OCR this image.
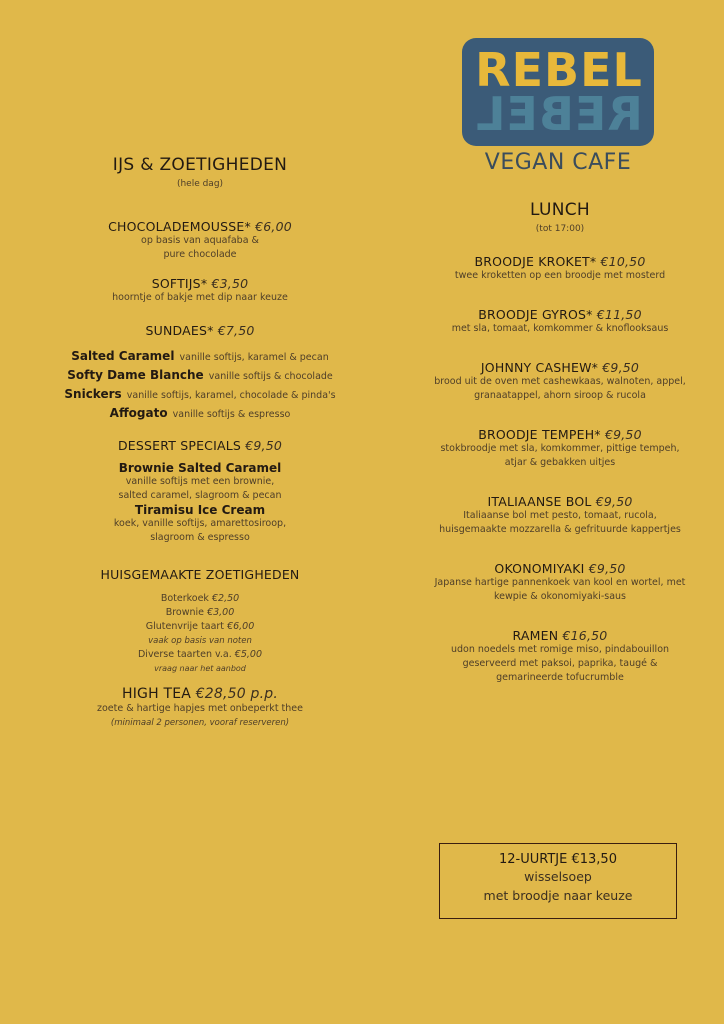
REBEL
REBEL
VEGAN CAFE
IJS & ZOETIGHEDEN
(hele dag)
CHOCOLADEMOUSSE* €6,00
op basis van aquafaba &
pure chocolade
SOFTIJS* €3,50
hoorntje of bakje met dip naar keuze
SUNDAES* €7,50
Salted Caramel vanille softijs, karamel & pecan
Softy Dame Blanche vanille softijs & chocolade
Snickers vanille softijs, karamel, chocolade & pinda's
Affogato vanille softijs & espresso
DESSERT SPECIALS €9,50
Brownie Salted Caramel
vanille softijs met een brownie,
salted caramel, slagroom & pecan
Tiramisu Ice Cream
koek, vanille softijs, amarettosiroop,
slagroom & espresso
HUISGEMAAKTE ZOETIGHEDEN
Boterkoek €2,50
Brownie €3,00
Glutenvrije taart €6,00
vaak op basis van noten
Diverse taarten v.a. €5,00
vraag naar het aanbod
HIGH TEA €28,50 p.p.
zoete & hartige hapjes met onbeperkt thee
(minimaal 2 personen, vooraf reserveren)
LUNCH
(tot 17:00)
BROODJE KROKET* €10,50
twee kroketten op een broodje met mosterd
BROODJE GYROS* €11,50
met sla, tomaat, komkommer & knoflooksaus
JOHNNY CASHEW* €9,50
brood uit de oven met cashewkaas, walnoten, appel,
granaatappel, ahorn siroop & rucola
BROODJE TEMPEH* €9,50
stokbroodje met sla, komkommer, pittige tempeh,
atjar & gebakken uitjes
ITALIAANSE BOL €9,50
Italiaanse bol met pesto, tomaat, rucola,
huisgemaakte mozzarella & gefrituurde kappertjes
OKONOMIYAKI €9,50
Japanse hartige pannenkoek van kool en wortel, met
kewpie & okonomiyaki-saus
RAMEN €16,50
udon noedels met romige miso, pindabouillon
geserveerd met paksoi, paprika, taugé &
gemarineerde tofucrumble
12-UURTJE €13,50
wisselsoep
met broodje naar keuze
